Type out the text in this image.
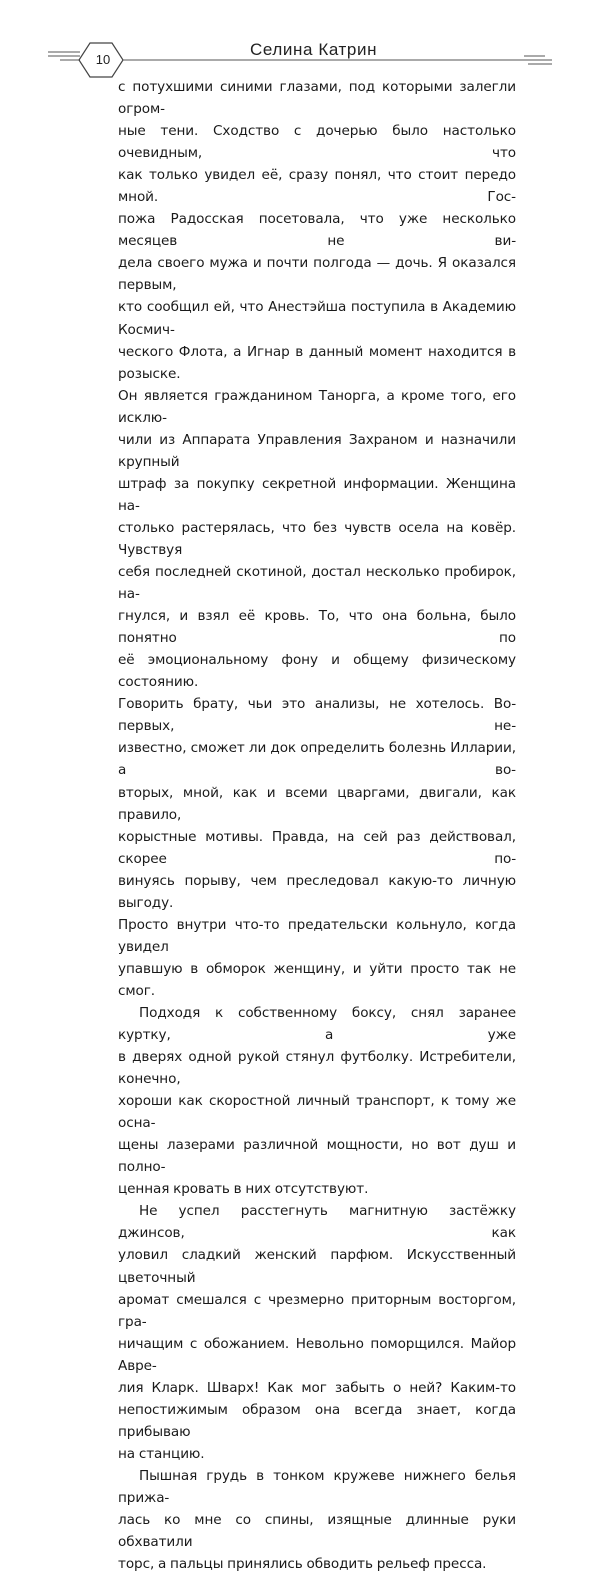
10
Селина Катрин

с потухшими синими глазами, под которыми залегли огром-

ные тени. Сходство с дочерью было настолько очевидным, что

как только увидел её, сразу понял, что стоит передо мной. Гос-

пожа Радосская посетовала, что уже несколько месяцев не ви-

дела своего мужа и почти полгода — дочь. Я оказался первым,

кто сообщил ей, что Анестэйша поступила в Академию Космич-

ческого Флота, а Игнар в данный момент находится в розыске.

Он является гражданином Танорга, а кроме того, его исклю-

чили из Аппарата Управления Захраном и назначили крупный

штраф за покупку секретной информации. Женщина на-

столько растерялась, что без чувств осела на ковёр. Чувствуя

себя последней скотиной, достал несколько пробирок, на-

гнулся, и взял её кровь. То, что она больна, было понятно по

её эмоциональному фону и общему физическому состоянию.

Говорить брату, чьи это анализы, не хотелось. Во-первых, не-

известно, сможет ли док определить болезнь Илларии, а во-

вторых, мной, как и всеми цваргами, двигали, как правило,

корыстные мотивы. Правда, на сей раз действовал, скорее по-

винуясь порыву, чем преследовал какую-то личную выгоду.

Просто внутри что-то предательски кольнуло, когда увидел

упавшую в обморок женщину, и уйти просто так не смог.

Подходя к собственному боксу, снял заранее куртку, а уже

в дверях одной рукой стянул футболку. Истребители, конечно,

хороши как скоростной личный транспорт, к тому же осна-

щены лазерами различной мощности, но вот душ и полно-

ценная кровать в них отсутствуют.

Не успел расстегнуть магнитную застёжку джинсов, как

уловил сладкий женский парфюм. Искусственный цветочный

аромат смешался с чрезмерно приторным восторгом, гра-

ничащим с обожанием. Невольно поморщился. Майор Авре-

лия Кларк. Шварх! Как мог забыть о ней? Каким-то

непостижимым образом она всегда знает, когда прибываю

на станцию.

Пышная грудь в тонком кружеве нижнего белья прижа-

лась ко мне со спины, изящные длинные руки обхватили

торс, а пальцы принялись обводить рельеф пресса.
